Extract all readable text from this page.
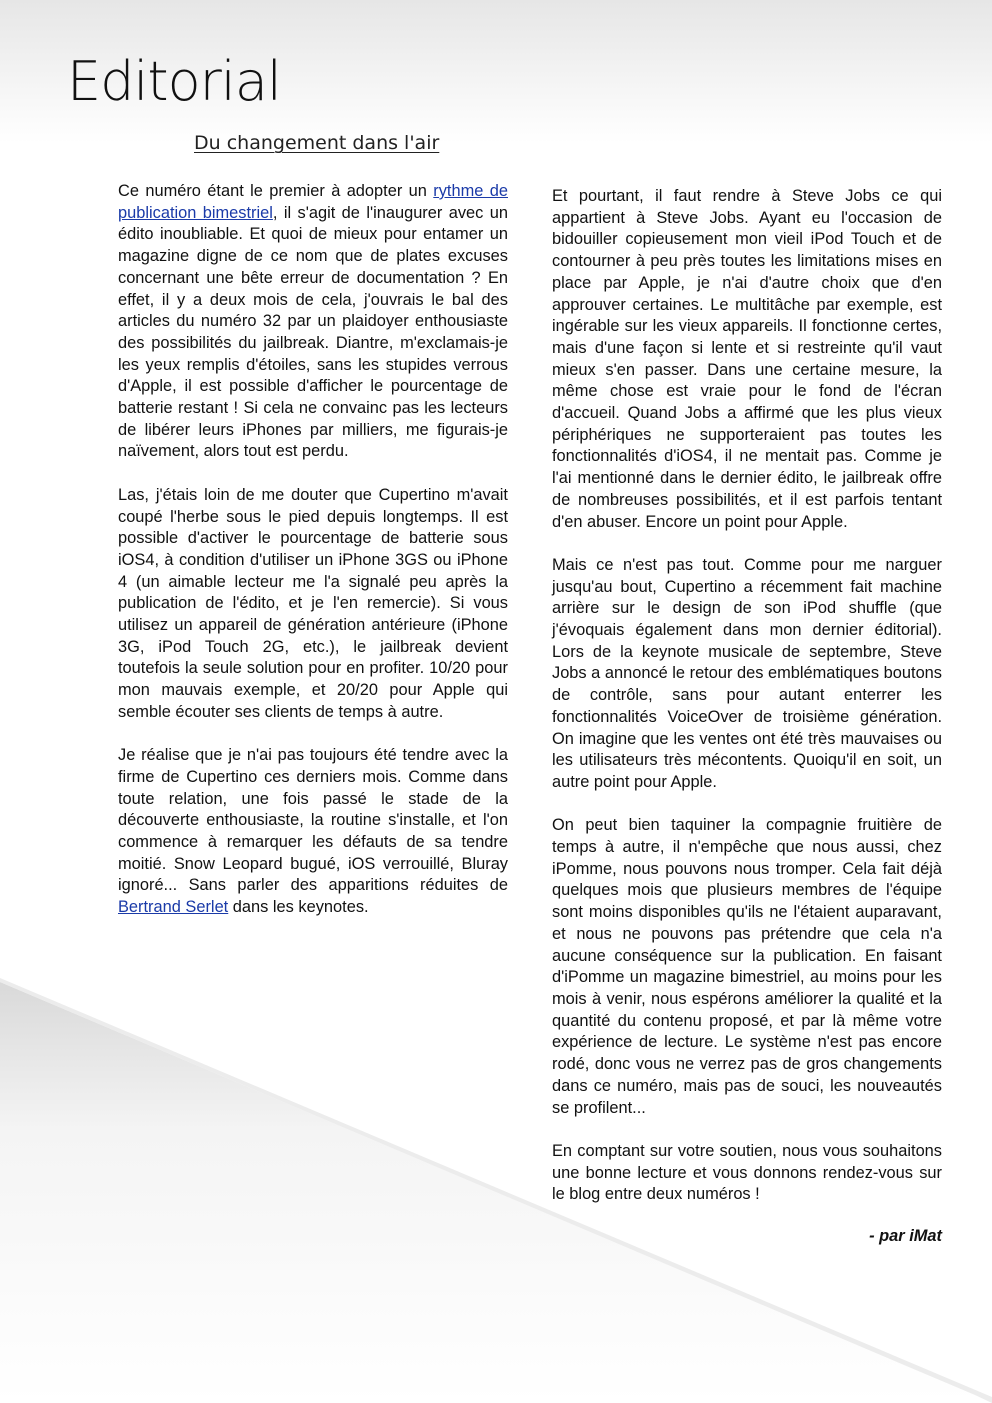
Editorial
Du changement dans l'air

Ce numéro étant le premier à adopter un rythme de publication bimestriel, il s'agit de l'inaugurer avec un édito inoubliable. Et quoi de mieux pour entamer un magazine digne de ce nom que de plates excuses concernant une bête erreur de documentation ? En effet, il y a deux mois de cela, j'ouvrais le bal des articles du numéro 32 par un plaidoyer enthousiaste des possibilités du jailbreak. Diantre, m'exclamais-je les yeux remplis d'étoiles, sans les stupides verrous d'Apple, il est possible d'afficher le pourcentage de batterie restant ! Si cela ne convainc pas les lecteurs de libérer leurs iPhones par milliers, me figurais-je naïvement, alors tout est perdu.

Las, j'étais loin de me douter que Cupertino m'avait coupé l'herbe sous le pied depuis longtemps. Il est possible d'activer le pourcentage de batterie sous iOS4, à condition d'utiliser un iPhone 3GS ou iPhone 4 (un aimable lecteur me l'a signalé peu après la publication de l'édito, et je l'en remercie). Si vous utilisez un appareil de génération antérieure (iPhone 3G, iPod Touch 2G, etc.), le jailbreak devient toutefois la seule solution pour en profiter. 10/20 pour mon mauvais exemple, et 20/20 pour Apple qui semble écouter ses clients de temps à autre.

Je réalise que je n'ai pas toujours été tendre avec la firme de Cupertino ces derniers mois. Comme dans toute relation, une fois passé le stade de la découverte enthousiaste, la routine s'installe, et l'on commence à remarquer les défauts de sa tendre moitié. Snow Leopard bugué, iOS verrouillé, Bluray ignoré... Sans parler des apparitions réduites de Bertrand Serlet dans les keynotes.

Et pourtant, il faut rendre à Steve Jobs ce qui appartient à Steve Jobs. Ayant eu l'occasion de bidouiller copieusement mon vieil iPod Touch et de contourner à peu près toutes les limitations mises en place par Apple, je n'ai d'autre choix que d'en approuver certaines. Le multitâche par exemple, est ingérable sur les vieux appareils. Il fonctionne certes, mais d'une façon si lente et si restreinte qu'il vaut mieux s'en passer. Dans une certaine mesure, la même chose est vraie pour le fond de l'écran d'accueil. Quand Jobs a affirmé que les plus vieux périphériques ne supporteraient pas toutes les fonctionnalités d'iOS4, il ne mentait pas. Comme je l'ai mentionné dans le dernier édito, le jailbreak offre de nombreuses possibilités, et il est parfois tentant d'en abuser. Encore un point pour Apple.

Mais ce n'est pas tout. Comme pour me narguer jusqu'au bout, Cupertino a récemment fait machine arrière sur le design de son iPod shuffle (que j'évoquais également dans mon dernier éditorial). Lors de la keynote musicale de septembre, Steve Jobs a annoncé le retour des emblématiques boutons de contrôle, sans pour autant enterrer les fonctionnalités VoiceOver de troisième génération. On imagine que les ventes ont été très mauvaises ou les utilisateurs très mécontents. Quoiqu'il en soit, un autre point pour Apple.

On peut bien taquiner la compagnie fruitière de temps à autre, il n'empêche que nous aussi, chez iPomme, nous pouvons nous tromper. Cela fait déjà quelques mois que plusieurs membres de l'équipe sont moins disponibles qu'ils ne l'étaient auparavant, et nous ne pouvons pas prétendre que cela n'a aucune conséquence sur la publication. En faisant d'iPomme un magazine bimestriel, au moins pour les mois à venir, nous espérons améliorer la qualité et la quantité du contenu proposé, et par là même votre expérience de lecture. Le système n'est pas encore rodé, donc vous ne verrez pas de gros changements dans ce numéro, mais pas de souci, les nouveautés se profilent...

En comptant sur votre soutien, nous vous souhaitons une bonne lecture et vous donnons rendez-vous sur le blog entre deux numéros !

- par iMat
